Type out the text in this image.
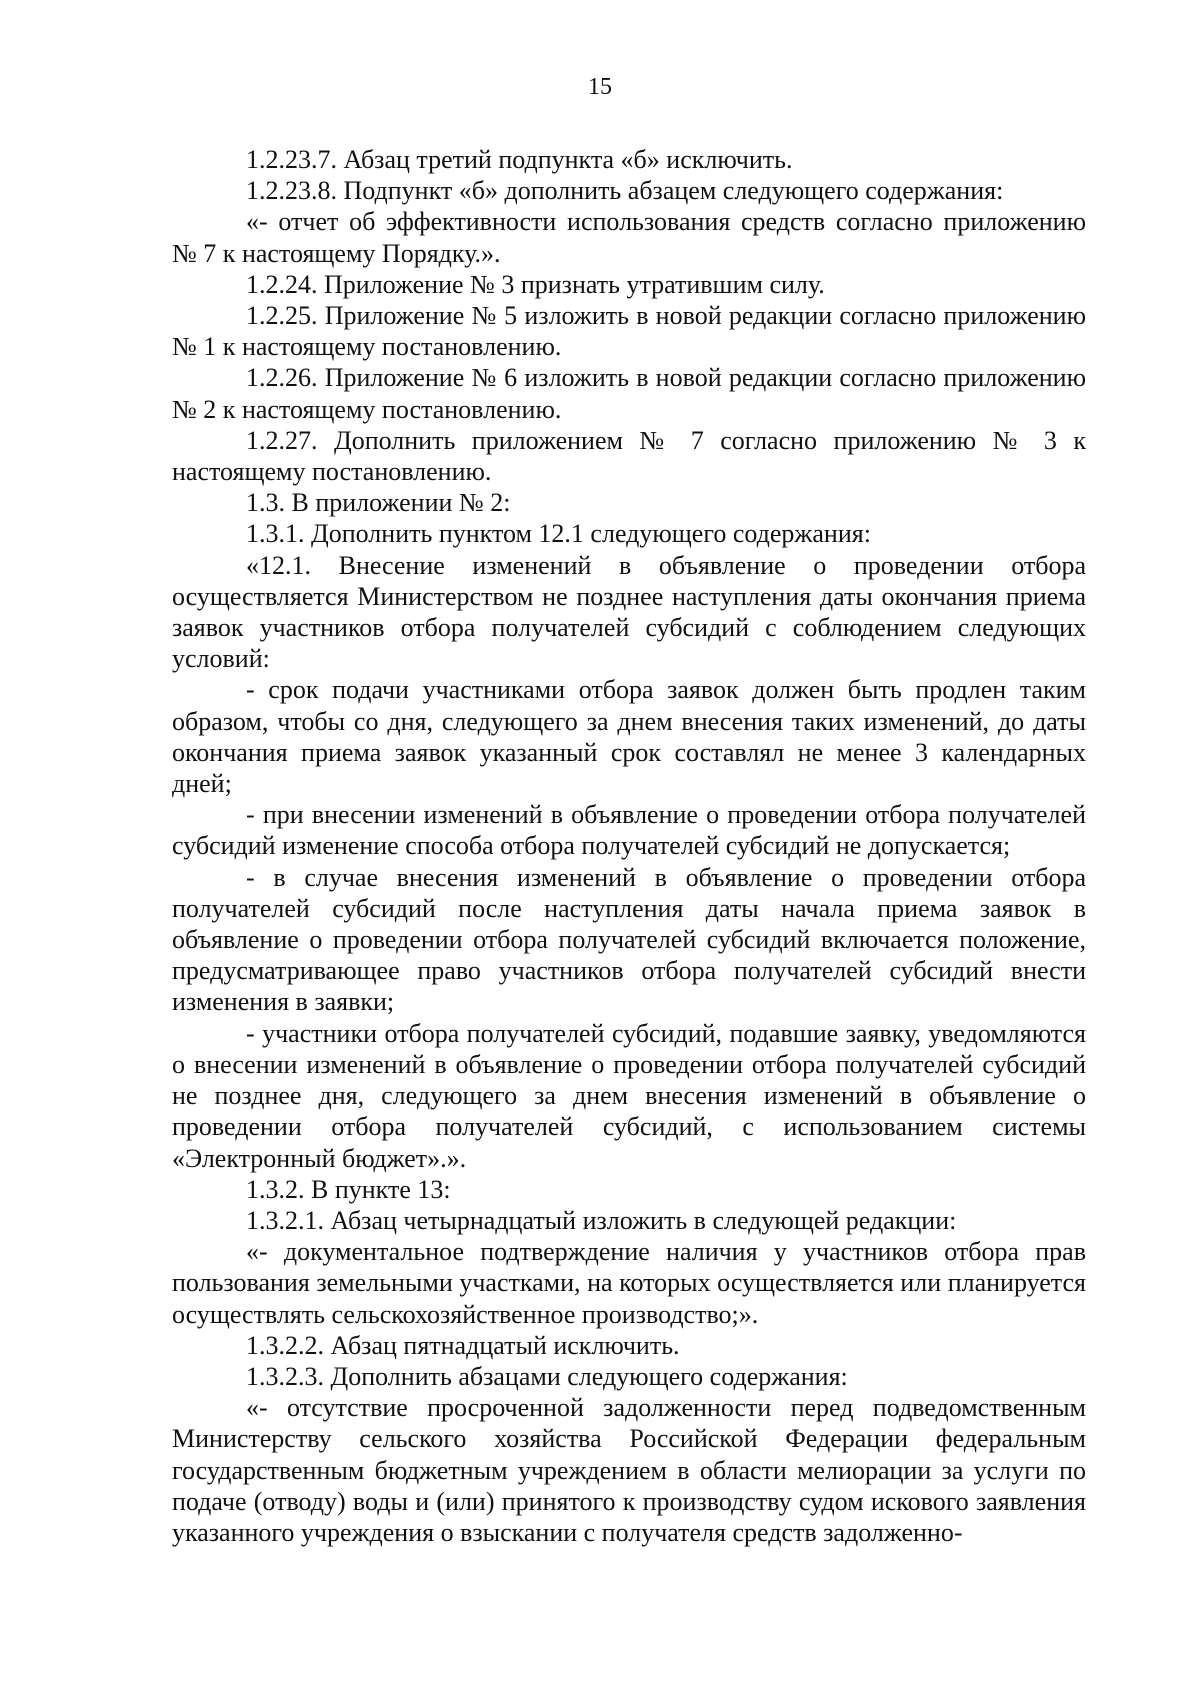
15

1.2.23.7. Абзац третий подпункта «б» исключить.

1.2.23.8. Подпункт «б» дополнить абзацем следующего содержания:

«- отчет об эффективности использования средств согласно приложению № 7 к настоящему Порядку.».

1.2.24. Приложение № 3 признать утратившим силу.

1.2.25. Приложение № 5 изложить в новой редакции согласно приложению № 1 к настоящему постановлению.

1.2.26. Приложение № 6 изложить в новой редакции согласно приложению № 2 к настоящему постановлению.

1.2.27. Дополнить приложением № 7 согласно приложению № 3 к настоящему постановлению.

1.3. В приложении № 2:

1.3.1. Дополнить пунктом 12.1 следующего содержания:

«12.1. Внесение изменений в объявление о проведении отбора осуществляется Министерством не позднее наступления даты окончания приема заявок участников отбора получателей субсидий с соблюдением следующих условий:

- срок подачи участниками отбора заявок должен быть продлен таким образом, чтобы со дня, следующего за днем внесения таких изменений, до даты окончания приема заявок указанный срок составлял не менее 3 календарных дней;

- при внесении изменений в объявление о проведении отбора получателей субсидий изменение способа отбора получателей субсидий не допускается;

- в случае внесения изменений в объявление о проведении отбора получателей субсидий после наступления даты начала приема заявок в объявление о проведении отбора получателей субсидий включается положение, предусматривающее право участников отбора получателей субсидий внести изменения в заявки;

- участники отбора получателей субсидий, подавшие заявку, уведомляются о внесении изменений в объявление о проведении отбора получателей субсидий не позднее дня, следующего за днем внесения изменений в объявление о проведении отбора получателей субсидий, с использованием системы «Электронный бюджет».».

1.3.2. В пункте 13:

1.3.2.1. Абзац четырнадцатый изложить в следующей редакции:

«- документальное подтверждение наличия у участников отбора прав пользования земельными участками, на которых осуществляется или планируется осуществлять сельскохозяйственное производство;».

1.3.2.2. Абзац пятнадцатый исключить.

1.3.2.3. Дополнить абзацами следующего содержания:

«- отсутствие просроченной задолженности перед подведомственным Министерству сельского хозяйства Российской Федерации федеральным государственным бюджетным учреждением в области мелиорации за услуги по подаче (отводу) воды и (или) принятого к производству судом искового заявления указанного учреждения о взыскании с получателя средств задолженно-
